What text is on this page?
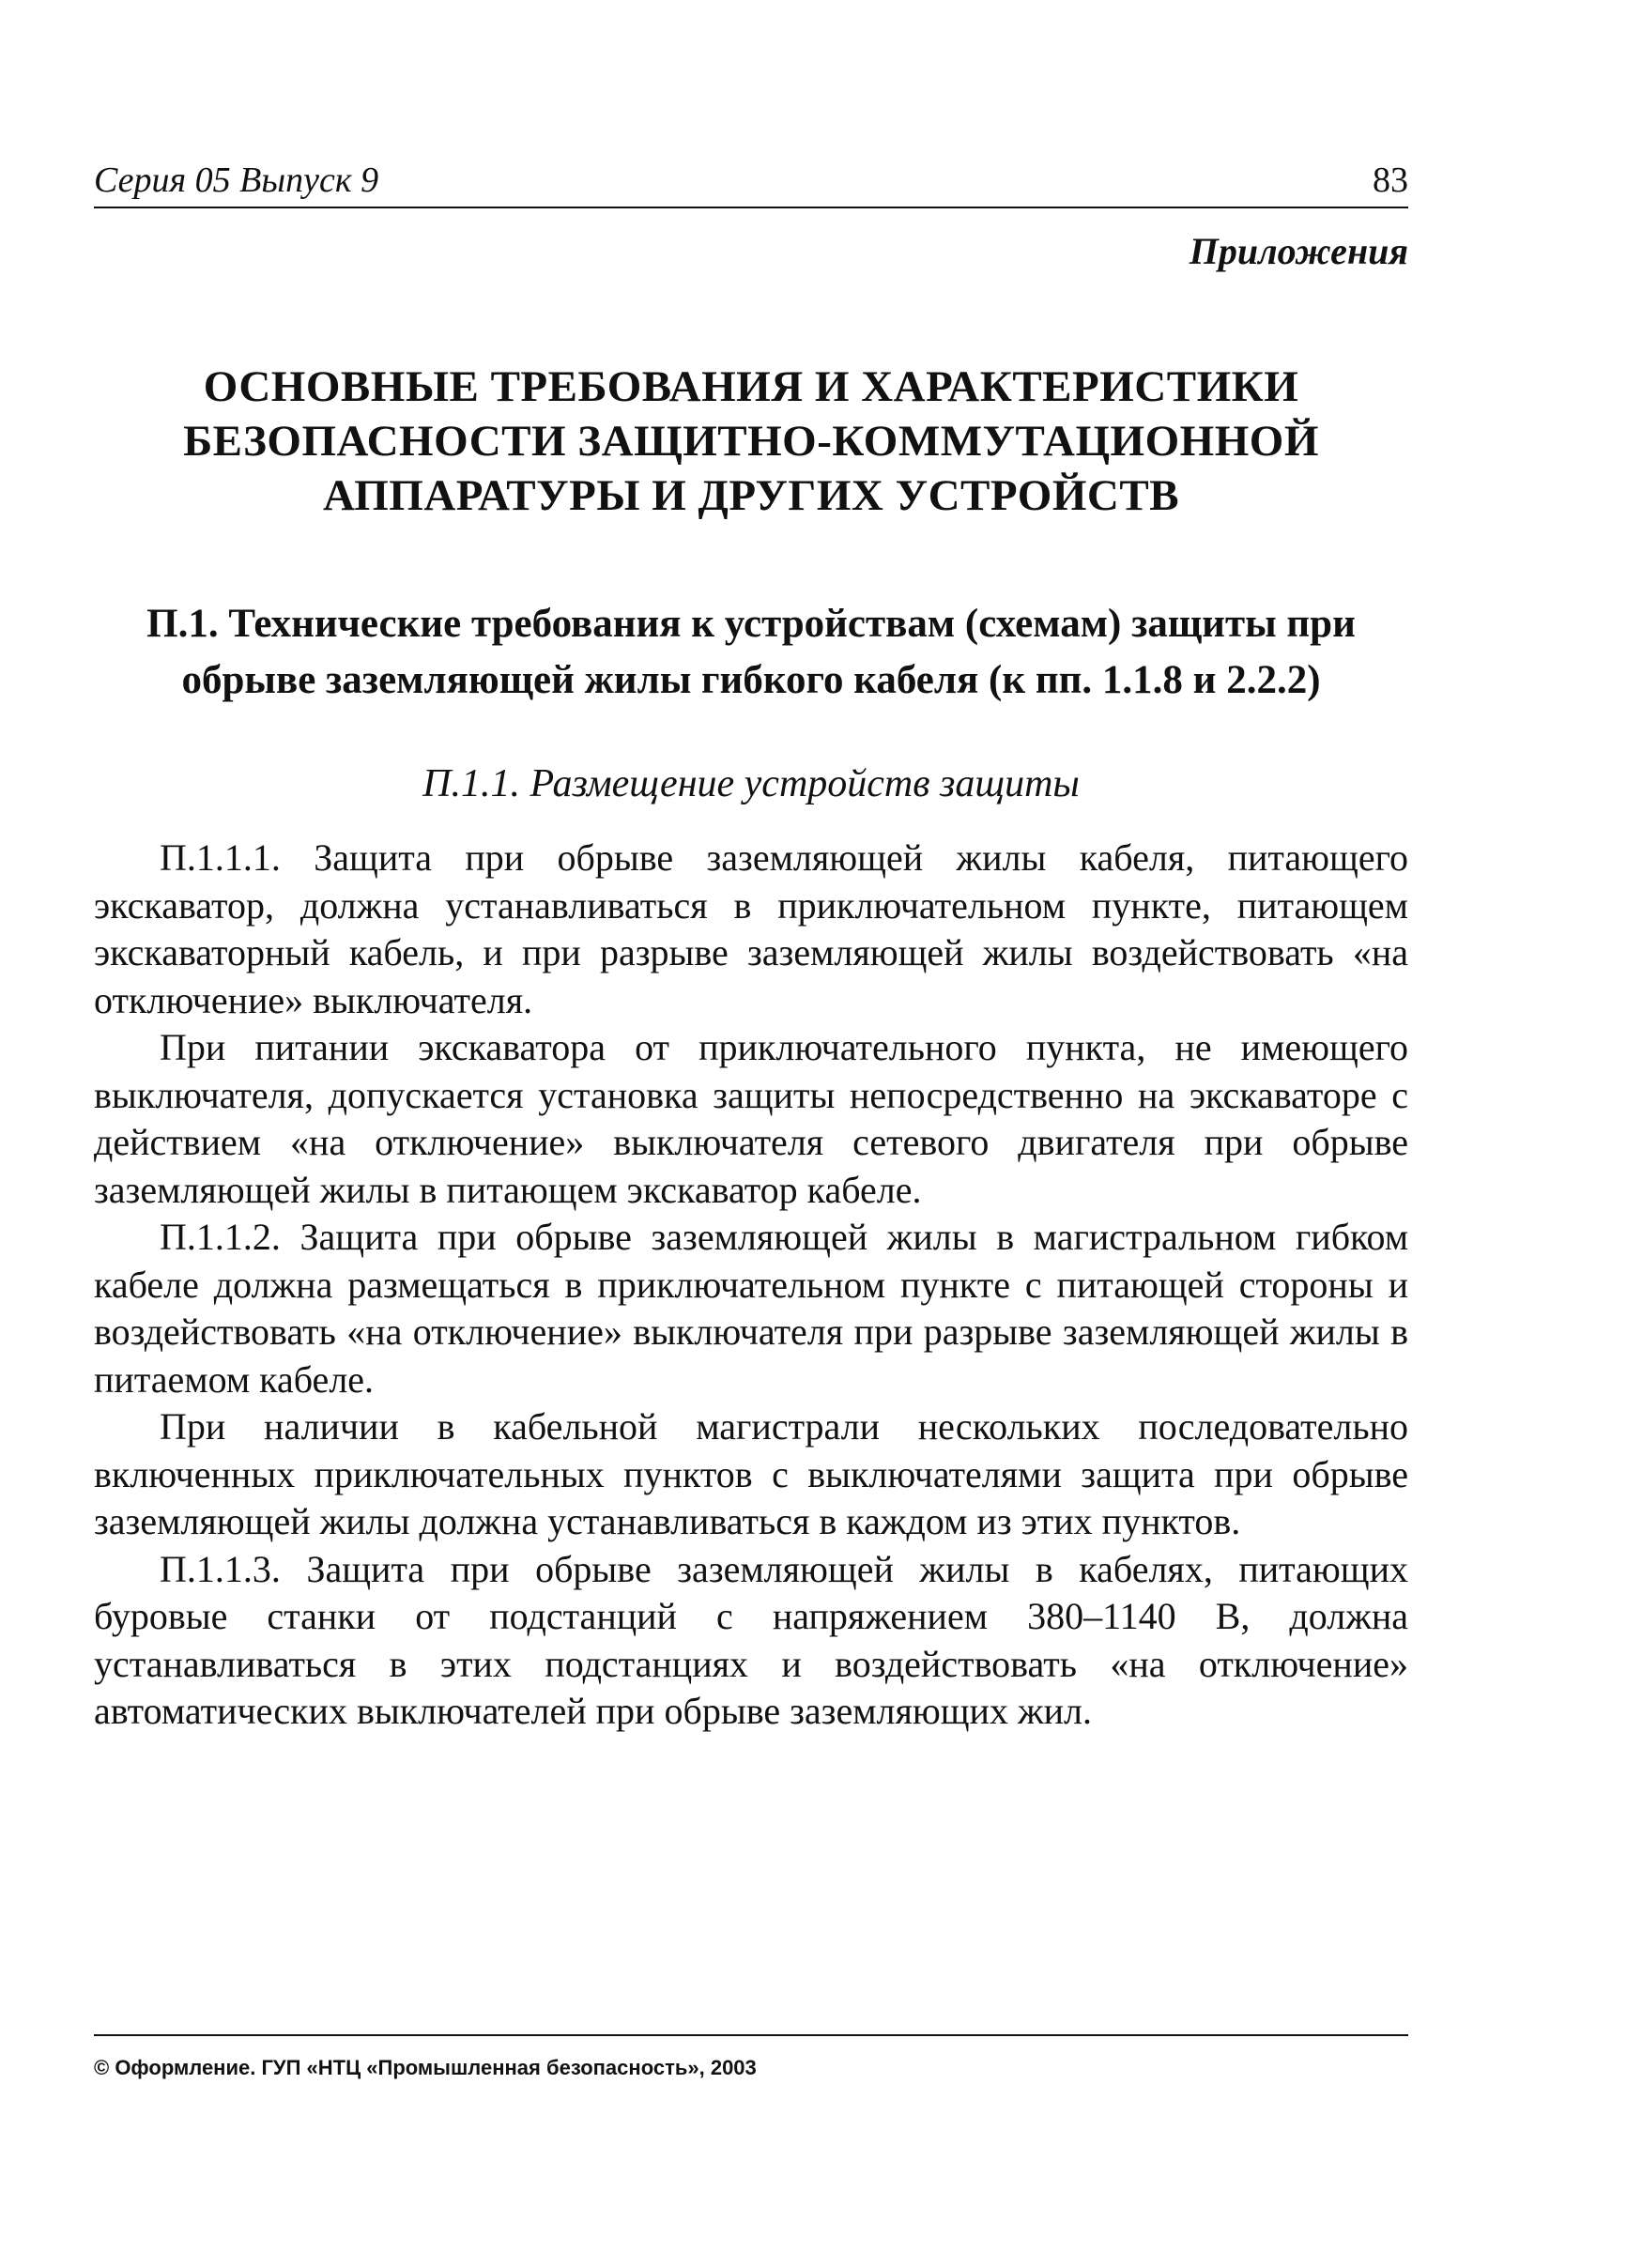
Серия 05 Выпуск 9	83
Приложения
ОСНОВНЫЕ ТРЕБОВАНИЯ И ХАРАКТЕРИСТИКИ
БЕЗОПАСНОСТИ ЗАЩИТНО-КОММУТАЦИОННОЙ
АППАРАТУРЫ И ДРУГИХ УСТРОЙСТВ
П.1. Технические требования к устройствам (схемам) защиты при
обрыве заземляющей жилы гибкого кабеля (к пп. 1.1.8 и 2.2.2)
П.1.1. Размещение устройств защиты

П.1.1.1. Защита при обрыве заземляющей жилы кабеля, питающего экскаватор, должна устанавливаться в приключательном пункте, питающем экскаваторный кабель, и при разрыве заземляющей жилы воздействовать «на отключение» выключателя.

При питании экскаватора от приключательного пункта, не имеющего выключателя, допускается установка защиты непосредственно на экскаваторе с действием «на отключение» выключателя сетевого двигателя при обрыве заземляющей жилы в питающем экскаватор кабеле.

П.1.1.2. Защита при обрыве заземляющей жилы в магистральном гибком кабеле должна размещаться в приключательном пункте с питающей стороны и воздействовать «на отключение» выключателя при разрыве заземляющей жилы в питаемом кабеле.

При наличии в кабельной магистрали нескольких последовательно включенных приключательных пунктов с выключателями защита при обрыве заземляющей жилы должна устанавливаться в каждом из этих пунктов.

П.1.1.3. Защита при обрыве заземляющей жилы в кабелях, питающих буровые станки от подстанций с напряжением 380–1140 В, должна устанавливаться в этих подстанциях и воздействовать «на отключение» автоматических выключателей при обрыве заземляющих жил.

© Оформление. ГУП «НТЦ «Промышленная безопасность», 2003
